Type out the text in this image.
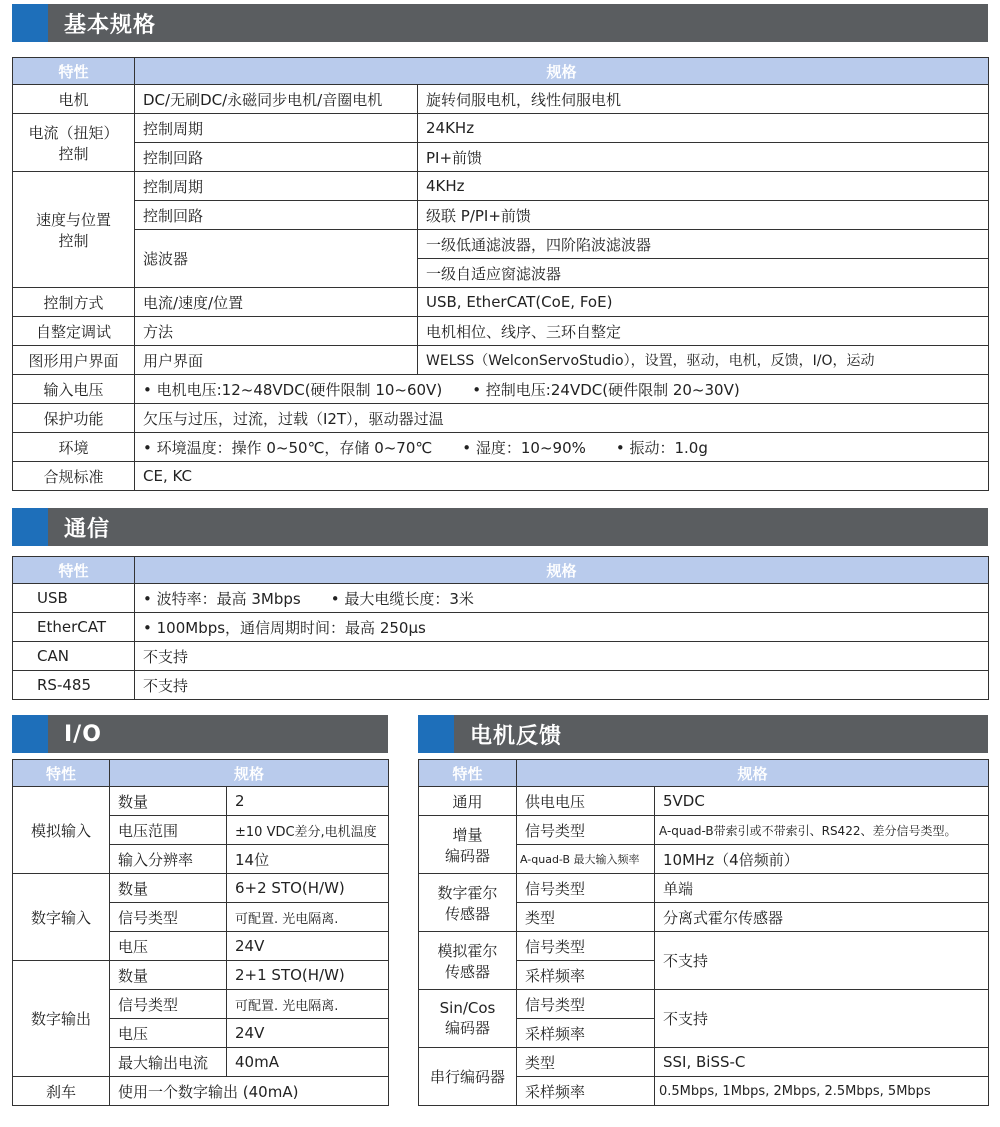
基本规格
特性	规格	
电机	DC/无刷DC/永磁同步电机/音圈电机	旋转伺服电机，线性伺服电机

电流（扭矩）
控制	控制周期	24KHz
	控制回路	PI+前馈

速度与位置
控制	控制周期	4KHz
	控制回路	级联 P/PI+前馈
	滤波器	一级低通滤波器，四阶陷波滤波器
		一级自适应窗滤波器
控制方式	电流/速度/位置	USB, EtherCAT(CoE, FoE)
自整定调试	方法	电机相位、线序、三环自整定
图形用户界面	用户界面	WELSS（WelconServoStudio），设置，驱动，电机，反馈，I/O，运动
输入电压	• 电机电压:12~48VDC(硬件限制 10~60V) • 控制电压:24VDC(硬件限制 20~30V)	
保护功能	欠压与过压，过流，过载（I2T），驱动器过温	
环境	• 环境温度：操作 0~50℃，存储 0~70℃ • 湿度：10~90% • 振动：1.0g	
合规标准	CE, KC	
通信
特性	规格
USB	• 波特率：最高 3Mbps • 最大电缆长度：3米
EtherCAT	• 100Mbps，通信周期时间：最高 250μs
CAN	不支持
RS-485	不支持
I/O
特性	规格	
模拟输入	数量	2
	电压范围	±10 VDC差分,电机温度
	输入分辨率	14位
数字输入	数量	6+2 STO(H/W)
	信号类型	可配置. 光电隔离.
	电压	24V
数字输出	数量	2+1 STO(H/W)
	信号类型	可配置. 光电隔离.
	电压	24V
	最大输出电流	40mA
刹车	使用一个数字输出 (40mA)	
电机反馈
特性	规格	
通用	供电电压	5VDC

增量
编码器	信号类型	A-quad-B带索引或不带索引、RS422、差分信号类型。
	A-quad-B 最大输入频率	10MHz（4倍频前）

数字霍尔
传感器	信号类型	单端
	类型	分离式霍尔传感器

模拟霍尔
传感器	信号类型	不支持
	采样频率	

Sin/Cos
编码器	信号类型	不支持
	采样频率	
串行编码器	类型	SSI, BiSS-C
	采样频率	0.5Mbps, 1Mbps, 2Mbps, 2.5Mbps, 5Mbps
